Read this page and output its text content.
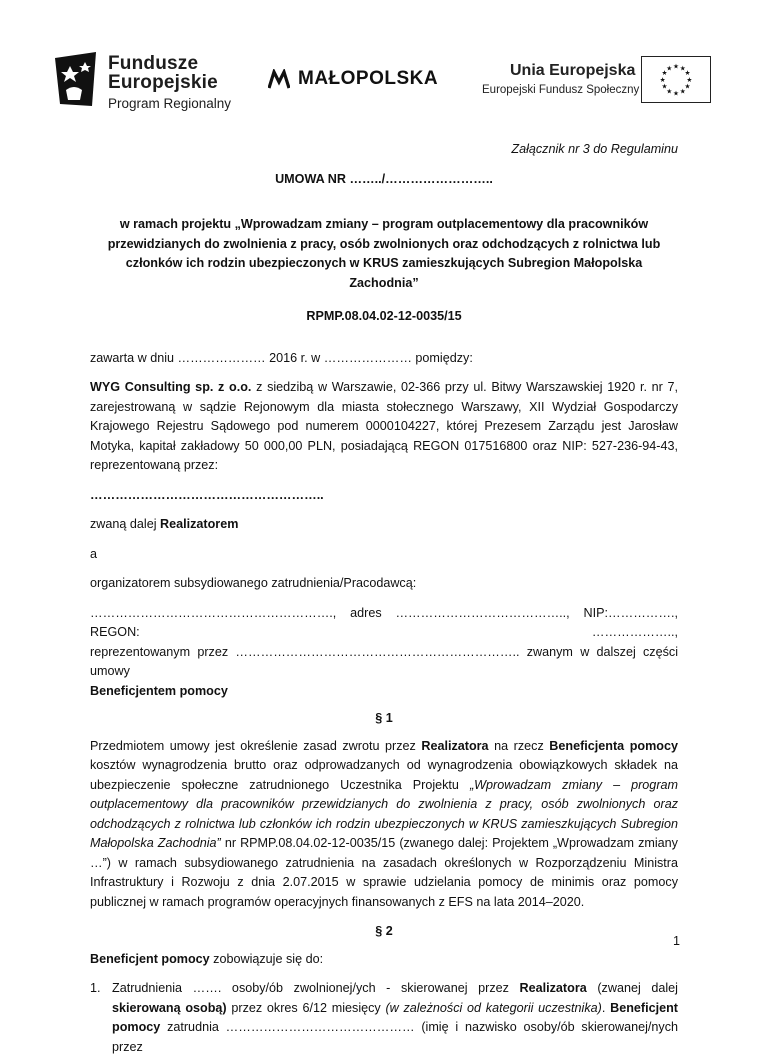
Fundusze
Europejskie
Program Regionalny
MAŁOPOLSKA	Unia Europejska
Europejski Fundusz Społeczny
★ ★
★
★
★
★
★
★
★
★
★
★
Załącznik nr 3 do Regulaminu
UMOWA NR ……../……………………..
w ramach projektu „Wprowadzam zmiany – program outplacementowy dla pracowników przewidzianych do zwolnienia z pracy, osób zwolnionych oraz odchodzących z rolnictwa lub członków ich rodzin ubezpieczonych w KRUS zamieszkujących Subregion Małopolska Zachodnia”
RPMP.08.04.02-12-0035/15

zawarta w dniu ………………… 2016 r. w ………………… pomiędzy:

WYG Consulting sp. z o.o. z siedzibą w Warszawie, 02-366 przy ul. Bitwy Warszawskiej 1920 r. nr 7, zarejestrowaną w sądzie Rejonowym dla miasta stołecznego Warszawy, XII Wydział Gospodarczy Krajowego Rejestru Sądowego pod numerem 0000104227, której Prezesem Zarządu jest Jarosław Motyka, kapitał zakładowy 50 000,00 PLN, posiadającą REGON 017516800 oraz NIP: 527-236-94-43, reprezentowaną przez:

………………………………………………..

zwaną dalej Realizatorem

a

organizatorem subsydiowanego zatrudnienia/Pracodawcą:

…………………………………………………., adres ………………………………….., NIP:……………., REGON: ………………..,
reprezentowanym przez ………………………………………………………….. zwanym w dalszej części umowy
Beneficjentem pomocy
§ 1

Przedmiotem umowy jest określenie zasad zwrotu przez Realizatora na rzecz Beneficjenta pomocy kosztów wynagrodzenia brutto oraz odprowadzanych od wynagrodzenia obowiązkowych składek na ubezpieczenie społeczne zatrudnionego Uczestnika Projektu „Wprowadzam zmiany – program outplacementowy dla pracowników przewidzianych do zwolnienia z pracy, osób zwolnionych oraz odchodzących z rolnictwa lub członków ich rodzin ubezpieczonych w KRUS zamieszkujących Subregion Małopolska Zachodnia” nr RPMP.08.04.02-12-0035/15 (zwanego dalej: Projektem „Wprowadzam zmiany …”) w ramach subsydiowanego zatrudnienia na zasadach określonych w Rozporządzeniu Ministra Infrastruktury i Rozwoju z dnia 2.07.2015 w sprawie udzielania pomocy de minimis oraz pomocy publicznej w ramach programów operacyjnych finansowanych z EFS na lata 2014–2020.

§ 2

Beneficjent pomocy zobowiązuje się do:

1. Zatrudnienia ……. osoby/ób zwolnionej/ych - skierowanej przez Realizatora (zwanej dalej skierowaną osobą) przez okres 6/12 miesięcy (w zależności od kategorii uczestnika). Beneficjent pomocy zatrudnia ……………………………………… (imię i nazwisko osoby/ób skierowanej/nych przez
1
